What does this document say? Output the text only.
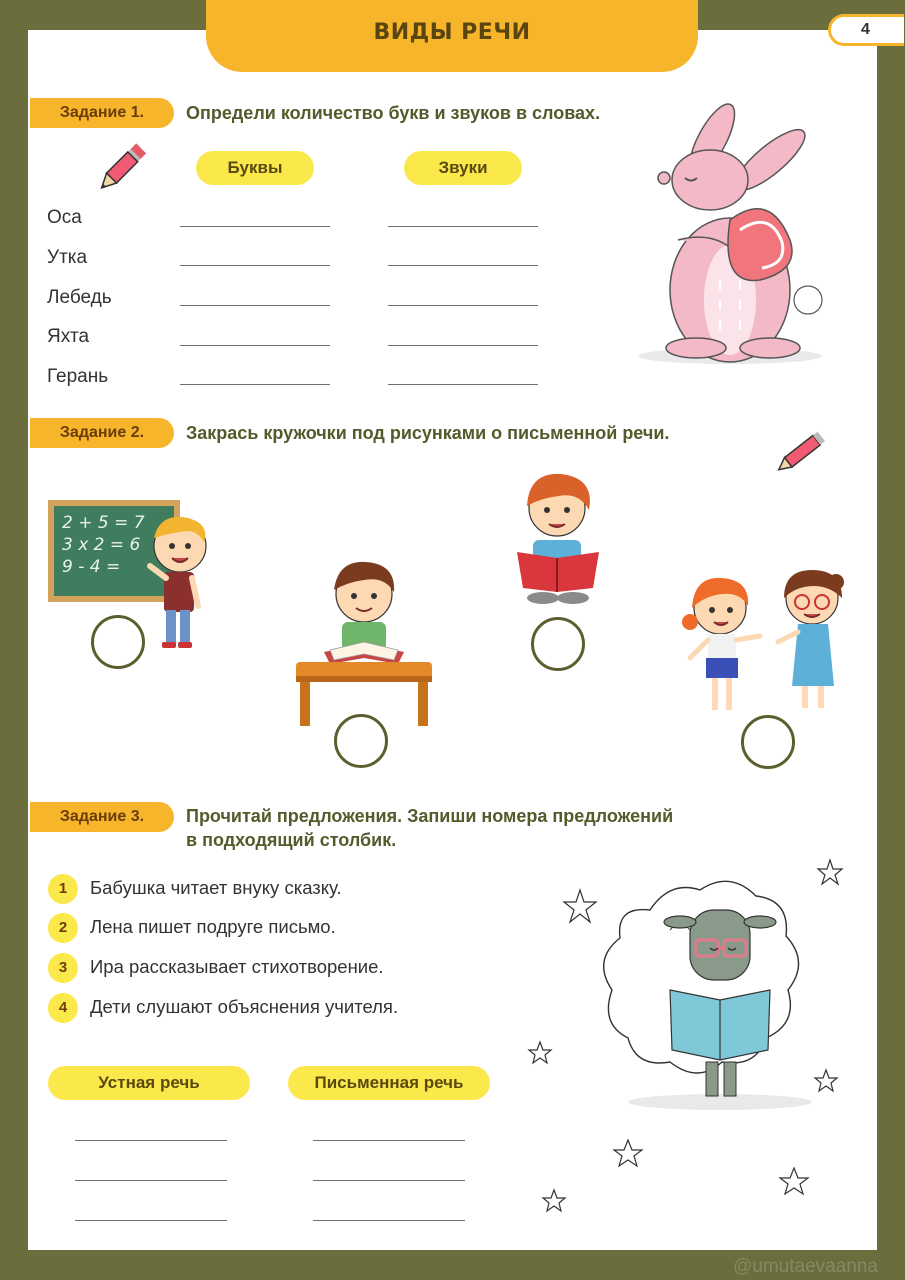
ВИДЫ РЕЧИ	4
Задание 1.	Определи количество букв и звуков в словах.
Буквы	Звуки
Оса
Утка
Лебедь
Яхта
Герань
Задание 2.	Закрась кружочки под рисунками о письменной речи.
2 + 5 = 7
3 x 2 = 6
9 - 4 =
Задание 3.	Прочитай предложения. Запиши номера предложений
в подходящий столбик.
1	Бабушка читает внуку сказку.
2	Лена пишет подруге письмо.
3	Ира рассказывает стихотворение.
4	Дети слушают объяснения учителя.
Устная речь	Письменная речь
@umutaevaanna
